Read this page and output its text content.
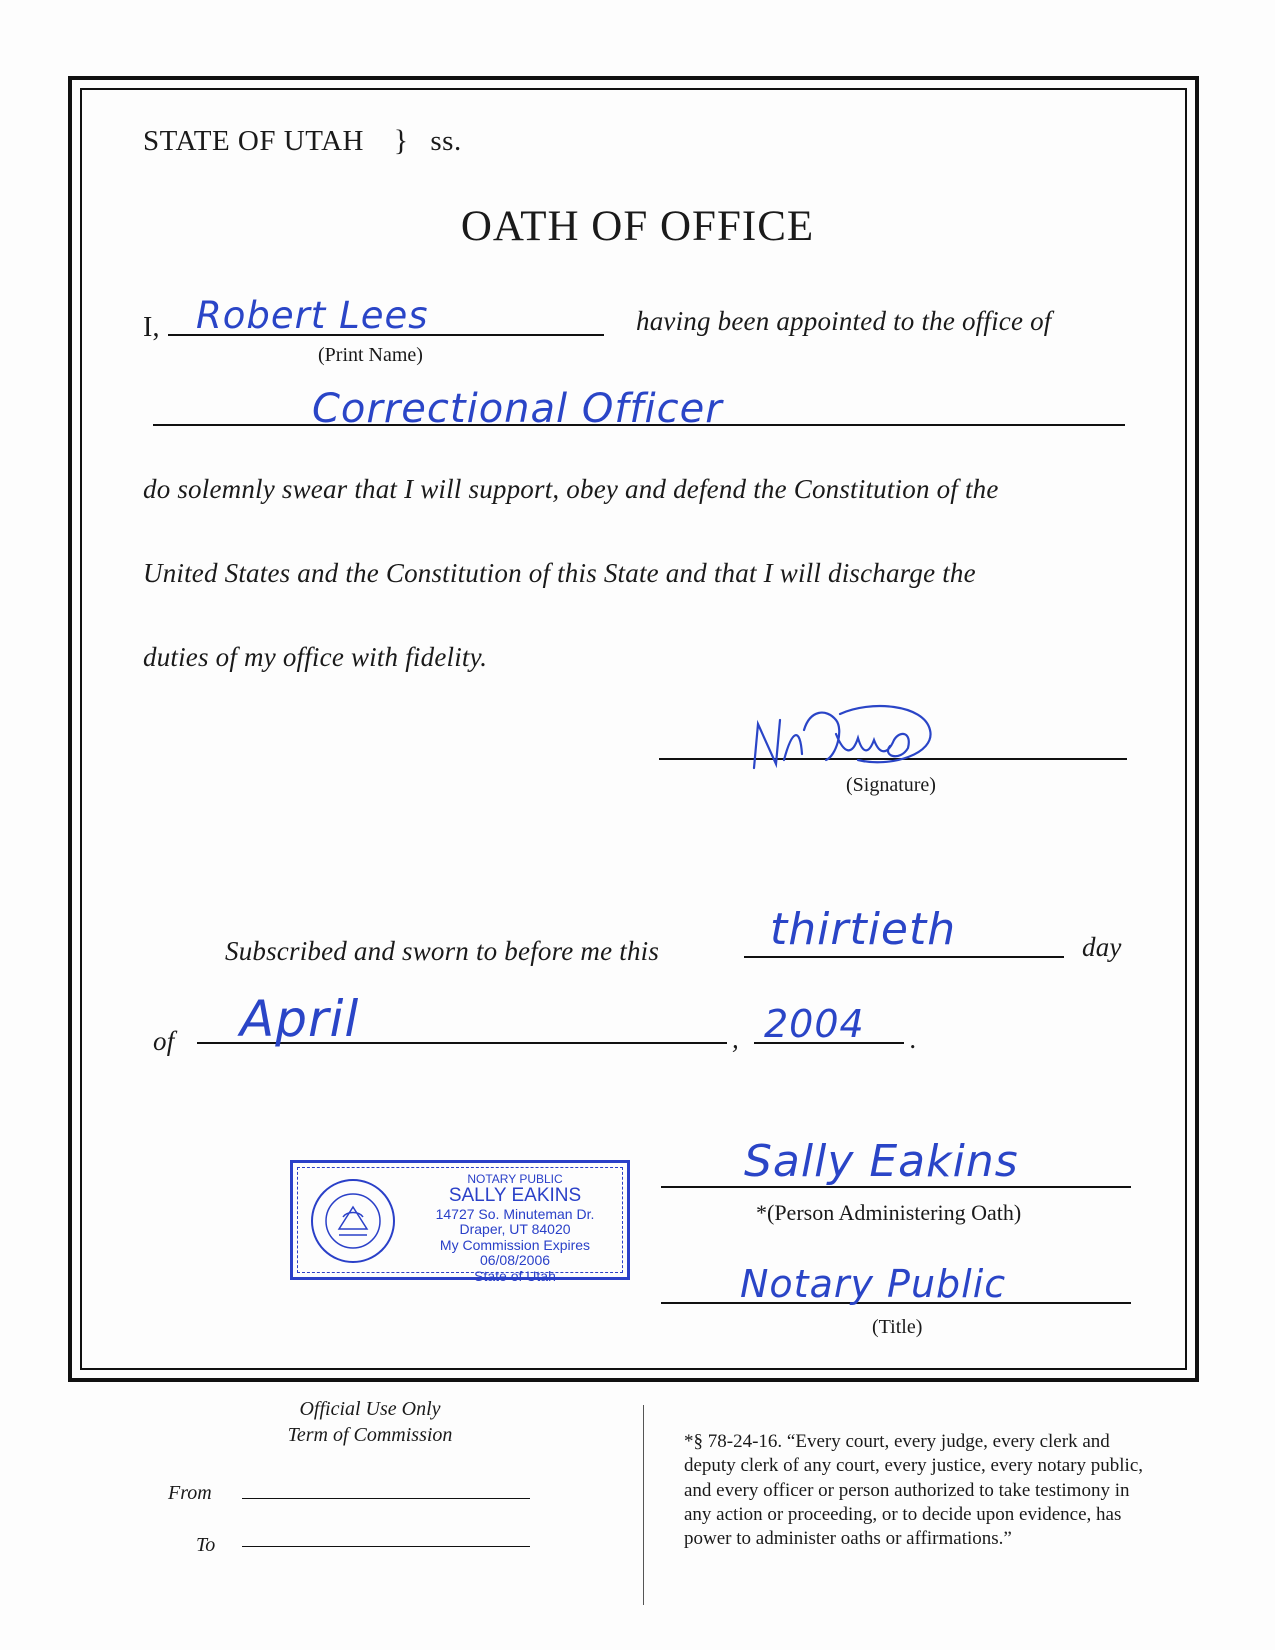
STATE OF UTAH } ss.
OATH OF OFFICE
I, Robert Lees
(Print Name)
having been appointed to the office of
Correctional Officer
do solemnly swear that I will support, obey and defend the Constitution of the
United States and the Constitution of this State and that I will discharge the
duties of my office with fidelity.
(Signature)
Subscribed and sworn to before me this	thirtieth	day
of April	, 2004 .
NOTARY PUBLIC
SALLY EAKINS
14727 So. Minuteman Dr.
Draper, UT 84020
My Commission Expires 06/08/2006
State of Utah
Sally Eakins
*(Person Administering Oath)
Notary Public
(Title)
Official Use Only
Term of Commission
From
To
*§ 78-24-16. “Every court, every judge, every clerk and
deputy clerk of any court, every justice, every notary public,
and every officer or person authorized to take testimony in
any action or proceeding, or to decide upon evidence, has
power to administer oaths or affirmations.”
